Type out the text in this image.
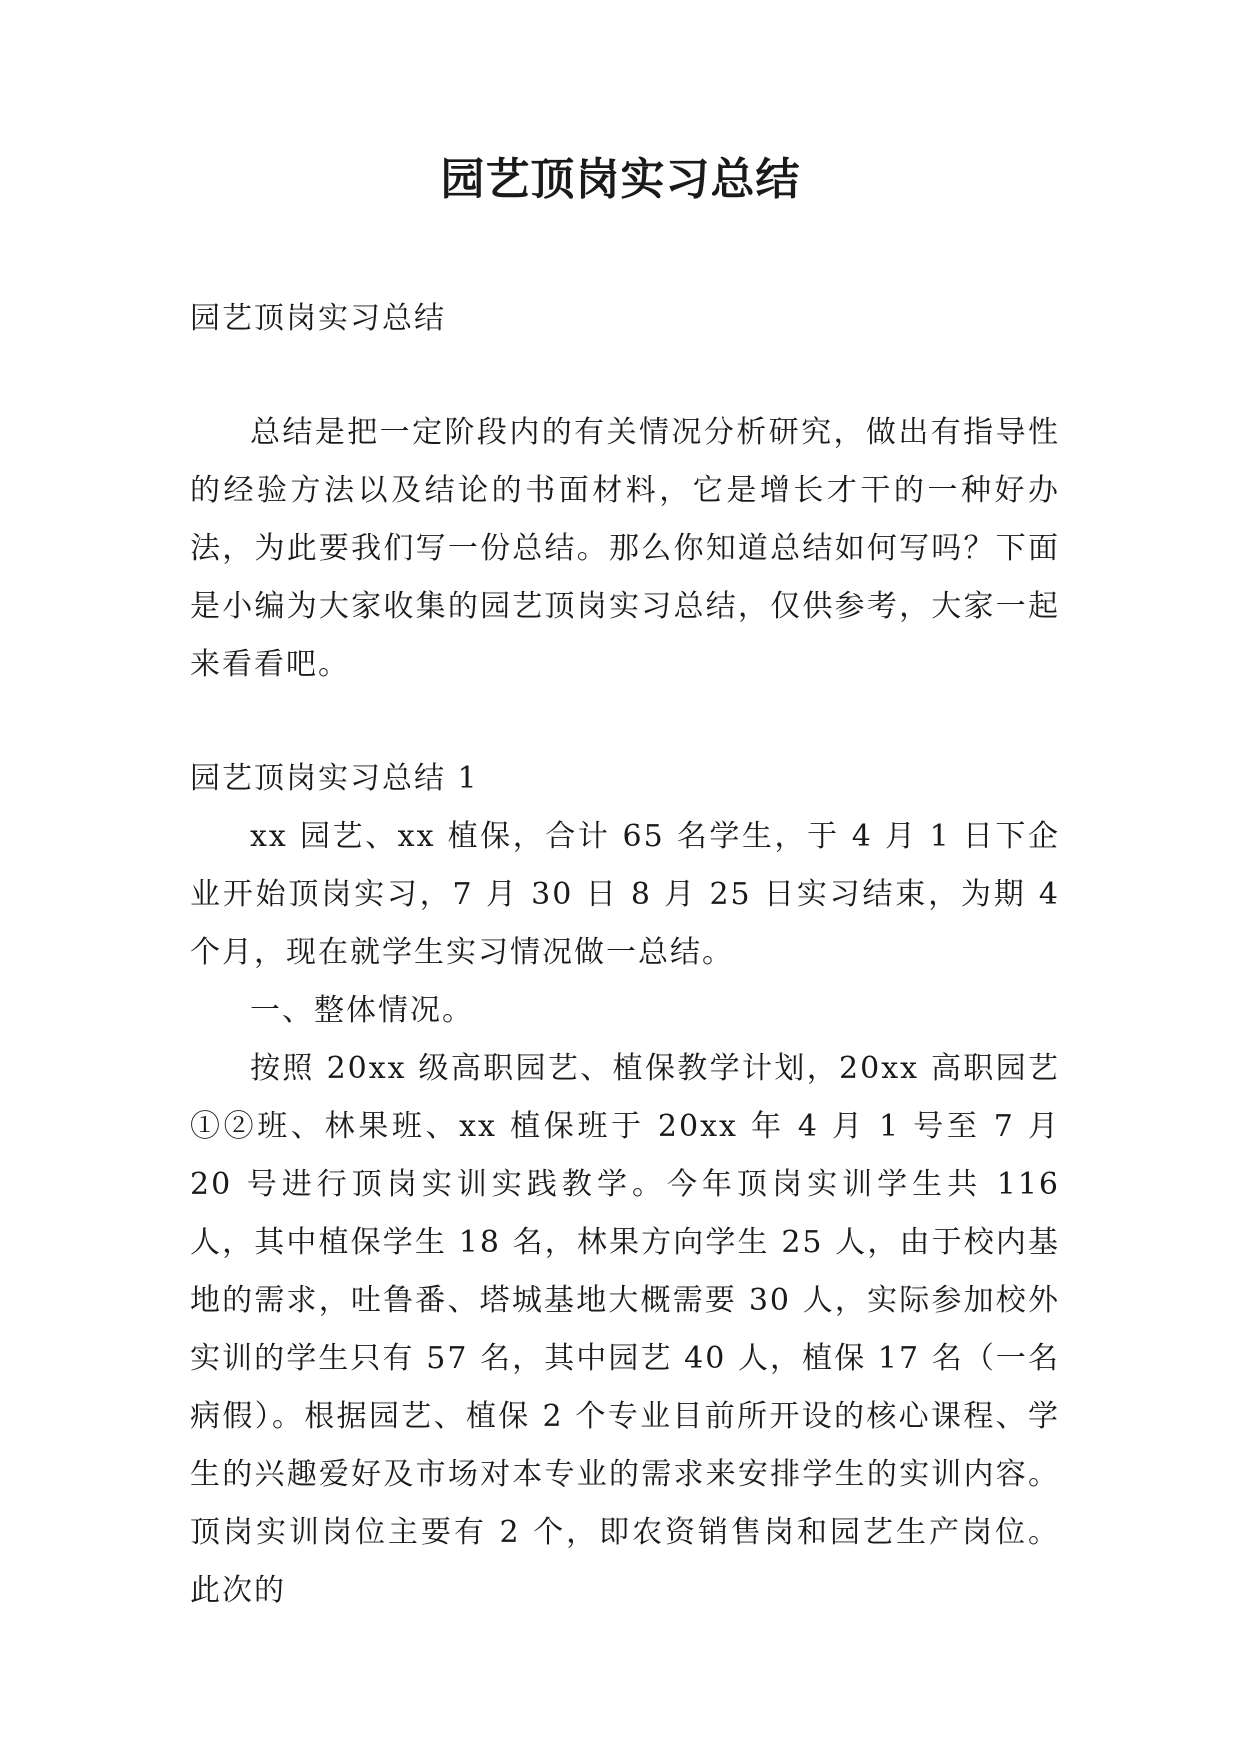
园艺顶岗实习总结

园艺顶岗实习总结

总结是把一定阶段内的有关情况分析研究，做出有指导性的经验方法以及结论的书面材料，它是增长才干的一种好办法，为此要我们写一份总结。那么你知道总结如何写吗？下面是小编为大家收集的园艺顶岗实习总结，仅供参考，大家一起来看看吧。

园艺顶岗实习总结 1

xx 园艺、xx 植保，合计 65 名学生，于 4 月 1 日下企业开始顶岗实习，7 月 30 日 8 月 25 日实习结束，为期 4 个月，现在就学生实习情况做一总结。

一、整体情况。

按照 20xx 级高职园艺、植保教学计划，20xx 高职园艺①②班、林果班、xx 植保班于 20xx 年 4 月 1 号至 7 月 20 号进行顶岗实训实践教学。今年顶岗实训学生共 116 人，其中植保学生 18 名，林果方向学生 25 人，由于校内基地的需求，吐鲁番、塔城基地大概需要 30 人，实际参加校外实训的学生只有 57 名，其中园艺 40 人，植保 17 名（一名病假）。根据园艺、植保 2 个专业目前所开设的核心课程、学生的兴趣爱好及市场对本专业的需求来安排学生的实训内容。顶岗实训岗位主要有 2 个，即农资销售岗和园艺生产岗位。此次的
